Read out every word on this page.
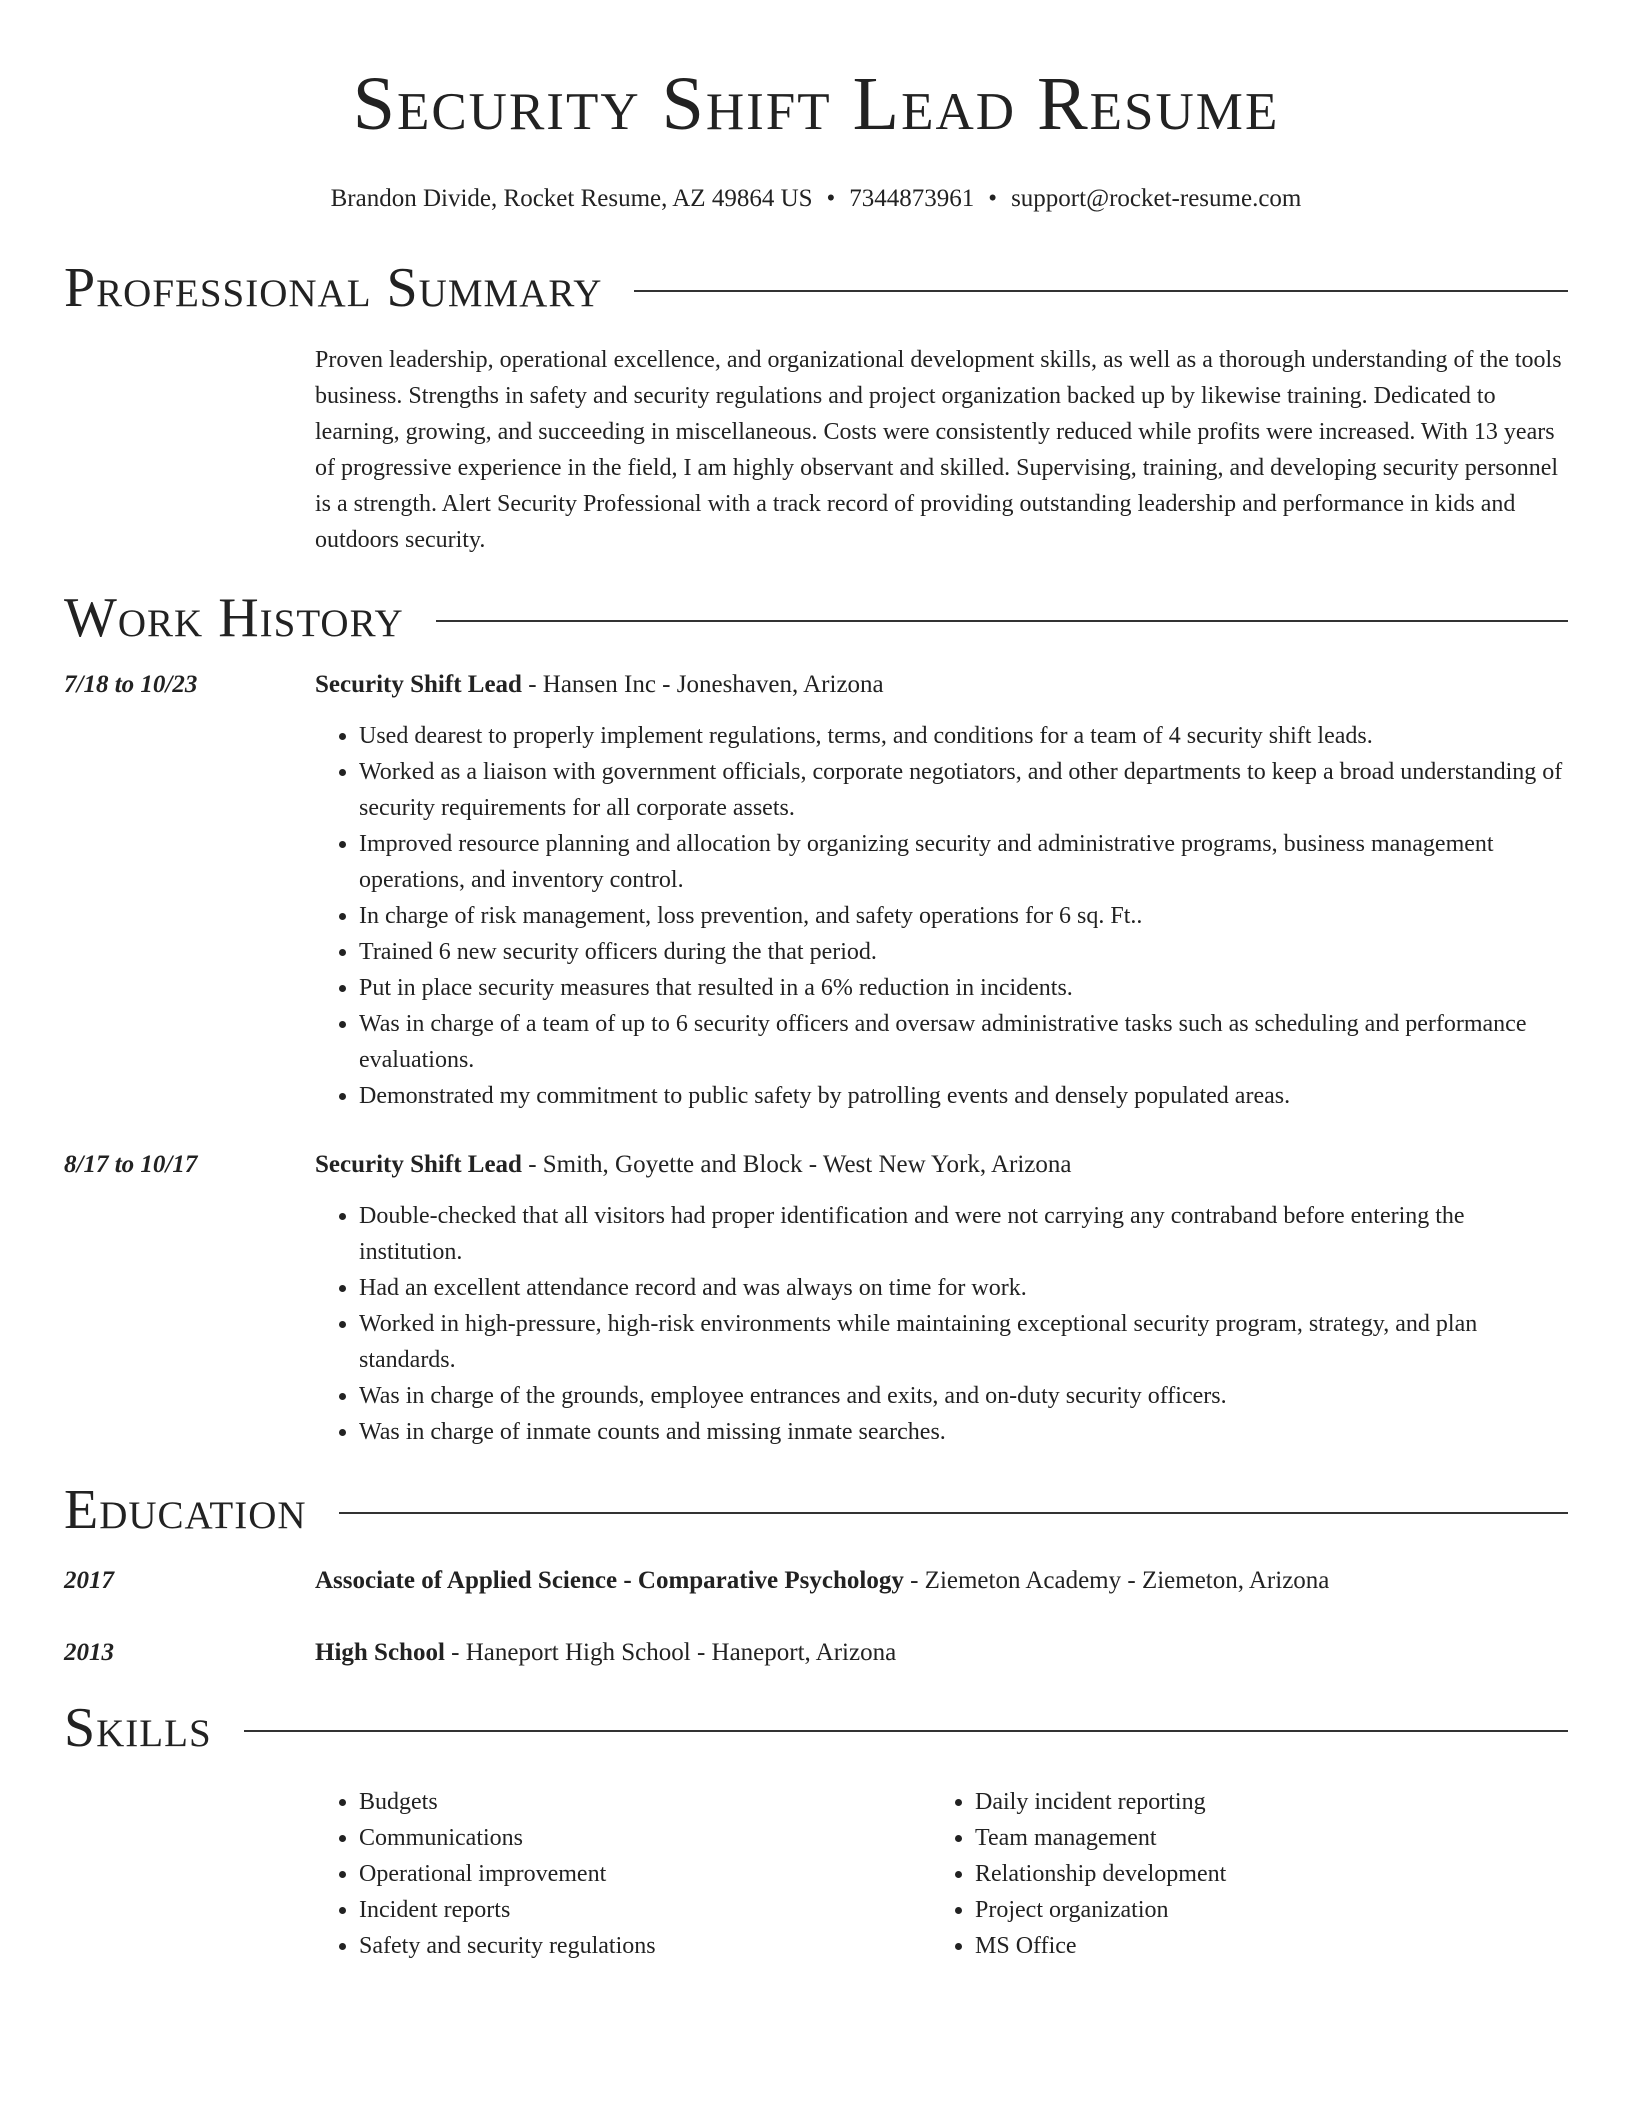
Security Shift Lead Resume
Brandon Divide, Rocket Resume, AZ 49864 US • 7344873961 • support@rocket-resume.com
Professional Summary
Proven leadership, operational excellence, and organizational development skills, as well as a thorough understanding of the tools business. Strengths in safety and security regulations and project organization backed up by likewise training. Dedicated to learning, growing, and succeeding in miscellaneous. Costs were consistently reduced while profits were increased. With 13 years of progressive experience in the field, I am highly observant and skilled. Supervising, training, and developing security personnel is a strength. Alert Security Professional with a track record of providing outstanding leadership and performance in kids and outdoors security.
Work History
7/18 to 10/23	Security Shift Lead - Hansen Inc - Joneshaven, Arizona
• Used dearest to properly implement regulations, terms, and conditions for a team of 4 security shift leads.
• Worked as a liaison with government officials, corporate negotiators, and other departments to keep a broad understanding of security requirements for all corporate assets.
• Improved resource planning and allocation by organizing security and administrative programs, business management operations, and inventory control.
• In charge of risk management, loss prevention, and safety operations for 6 sq. Ft..
• Trained 6 new security officers during the that period.
• Put in place security measures that resulted in a 6% reduction in incidents.
• Was in charge of a team of up to 6 security officers and oversaw administrative tasks such as scheduling and performance evaluations.
• Demonstrated my commitment to public safety by patrolling events and densely populated areas.
8/17 to 10/17	Security Shift Lead - Smith, Goyette and Block - West New York, Arizona
• Double-checked that all visitors had proper identification and were not carrying any contraband before entering the institution.
• Had an excellent attendance record and was always on time for work.
• Worked in high-pressure, high-risk environments while maintaining exceptional security program, strategy, and plan standards.
• Was in charge of the grounds, employee entrances and exits, and on-duty security officers.
• Was in charge of inmate counts and missing inmate searches.
Education
2017	Associate of Applied Science - Comparative Psychology - Ziemeton Academy - Ziemeton, Arizona
2013	High School - Haneport High School - Haneport, Arizona
Skills
• Budgets
• Communications
• Operational improvement
• Incident reports
• Safety and security regulations
• Daily incident reporting
• Team management
• Relationship development
• Project organization
• MS Office
